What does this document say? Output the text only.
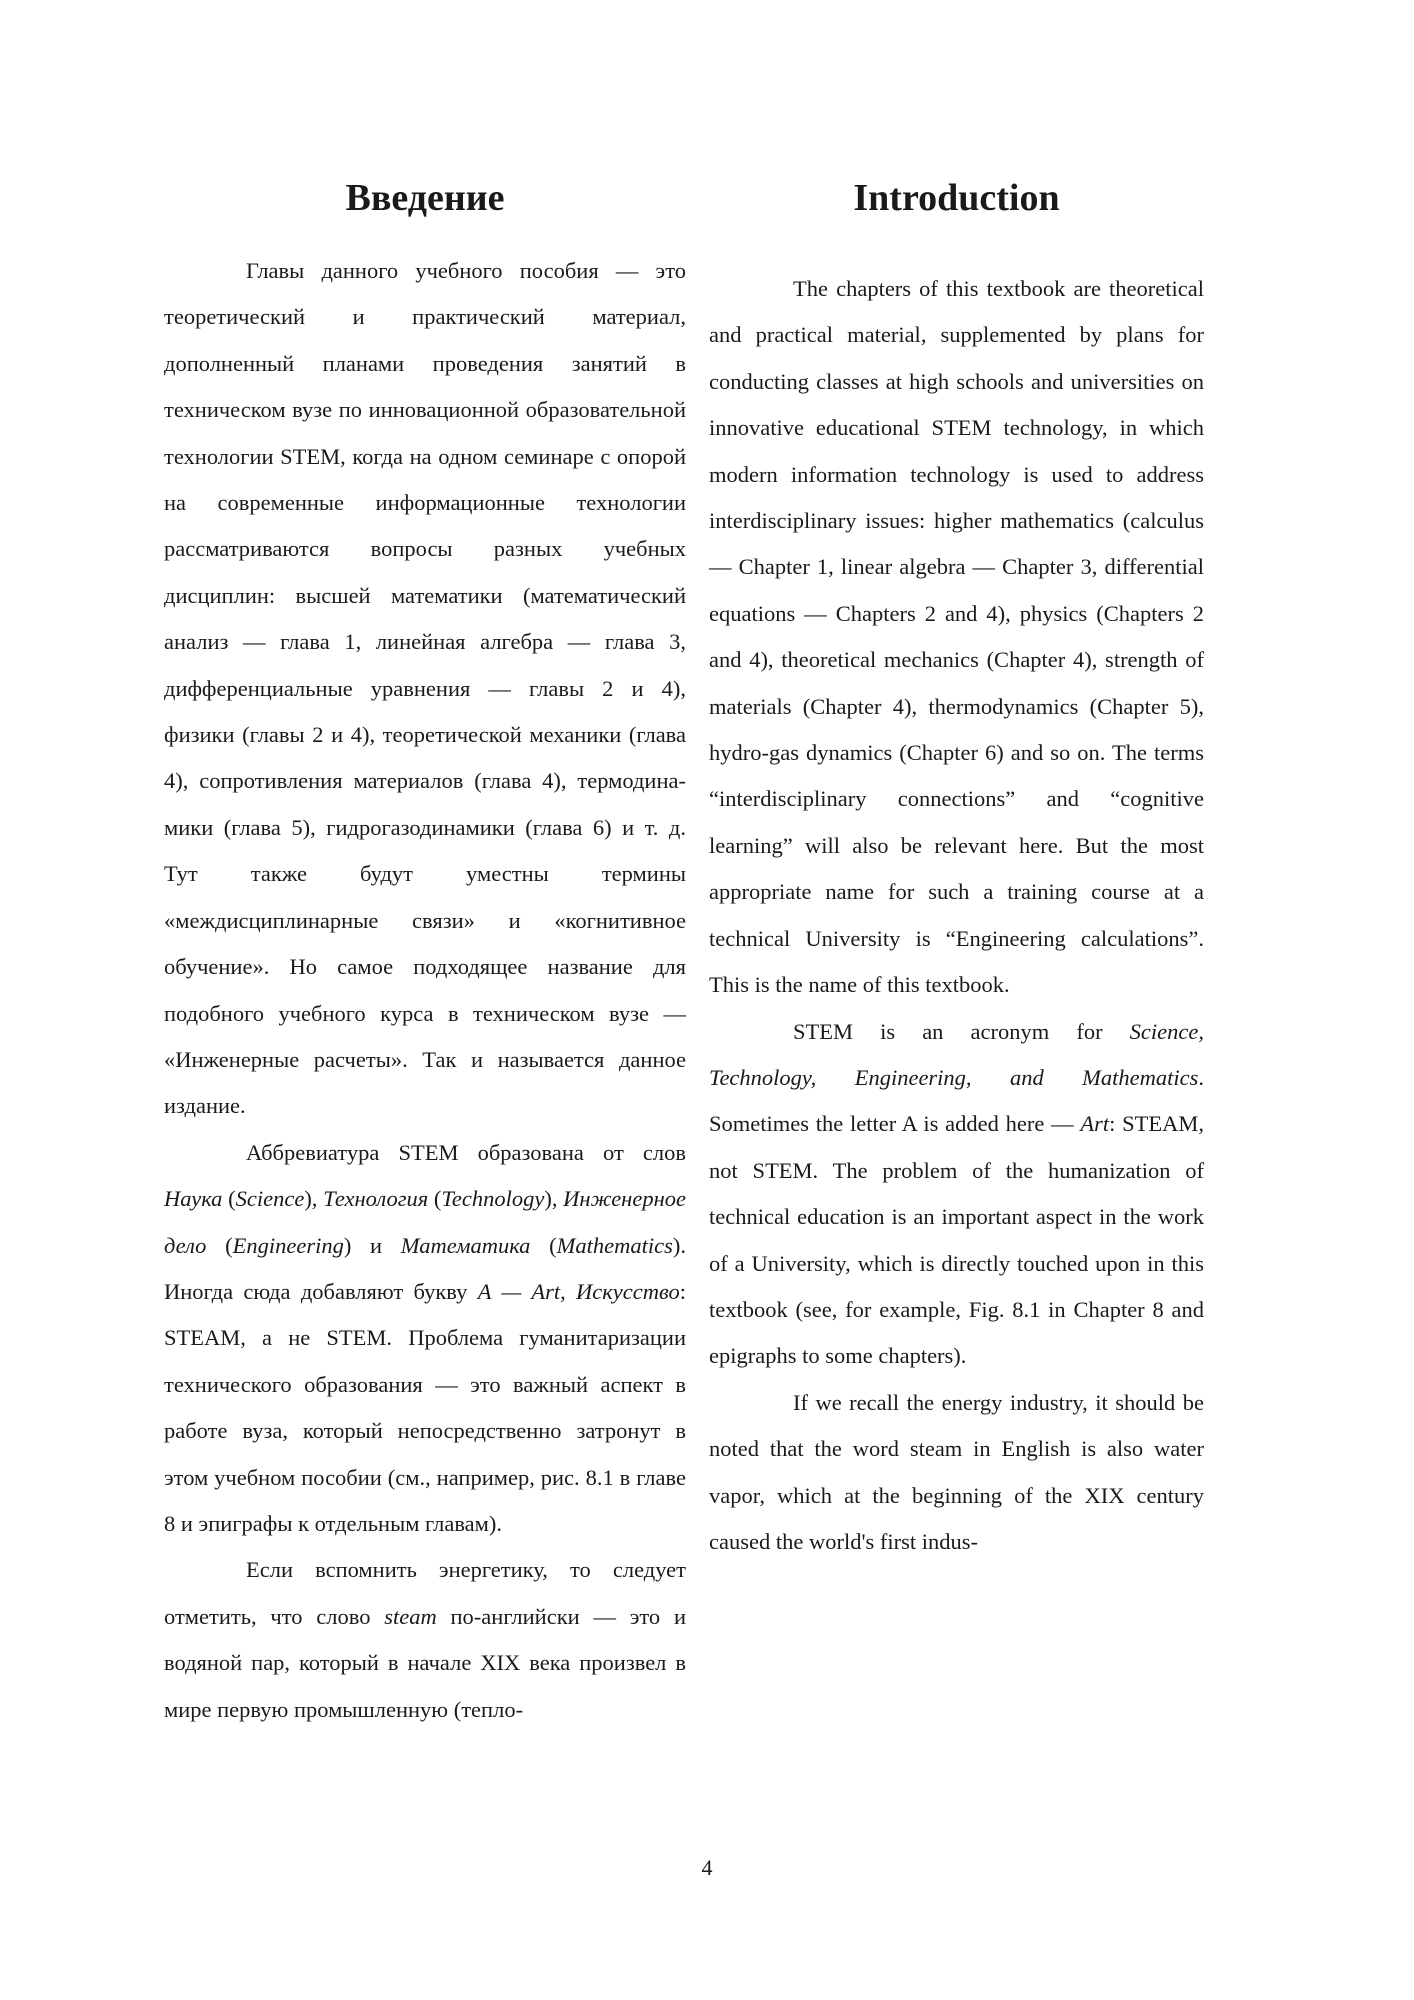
Введение

Главы данного учебного пособия — это теоретический и практический материал, дополненный планами проведения занятий в техническом вузе по инновационной образовательной технологии STEM, когда на одном семинаре с опорой на современные информационные технологии рассматриваются вопросы разных учебных дисциплин: высшей математики (математический анализ — глава 1, линейная алгебра — глава 3, дифференциальные уравнения — главы 2 и 4), физики (главы 2 и 4), теоретической механики (глава 4), сопротивления материалов (глава 4), термодинамики (глава 5), гидрогазодинамики (глава 6) и т. д. Тут также будут уместны термины «междисциплинарные связи» и «когнитивное обучение». Но самое подходящее название для подобного учебного курса в техническом вузе — «Инженерные расчеты». Так и называется данное издание.

Аббревиатура STEM образована от слов Наука (Science), Технология (Technology), Инженерное дело (Engineering) и Математика (Mathematics). Иногда сюда добавляют букву A — Art, Искусство: STEAM, а не STEM. Проблема гуманитаризации технического образования — это важный аспект в работе вуза, который непосредственно затронут в этом учебном пособии (см., например, рис. 8.1 в главе 8 и эпиграфы к отдельным главам).

Если вспомнить энергетику, то следует отметить, что слово steam по-английски — это и водяной пар, который в начале XIX века произвел в мире первую промышленную (тепло-

Introduction

The chapters of this textbook are theoretical and practical material, supplemented by plans for conducting classes at high schools and universities on innovative educational STEM technology, in which modern information technology is used to address interdisciplinary issues: higher mathematics (calculus — Chapter 1, linear algebra — Chapter 3, differential equations — Chapters 2 and 4), physics (Chapters 2 and 4), theoretical mechanics (Chapter 4), strength of materials (Chapter 4), thermodynamics (Chapter 5), hydro-gas dynamics (Chapter 6) and so on. The terms “interdisciplinary connections” and “cognitive learning” will also be relevant here. But the most appropriate name for such a training course at a technical University is “Engineering calculations”. This is the name of this textbook.

STEM is an acronym for Science, Technology, Engineering, and Mathematics. Sometimes the letter A is added here — Art: STEAM, not STEM. The problem of the humanization of technical education is an important aspect in the work of a University, which is directly touched upon in this textbook (see, for example, Fig. 8.1 in Chapter 8 and epigraphs to some chapters).

If we recall the energy industry, it should be noted that the word steam in English is also water vapor, which at the beginning of the XIX century caused the world's first indus-

4
